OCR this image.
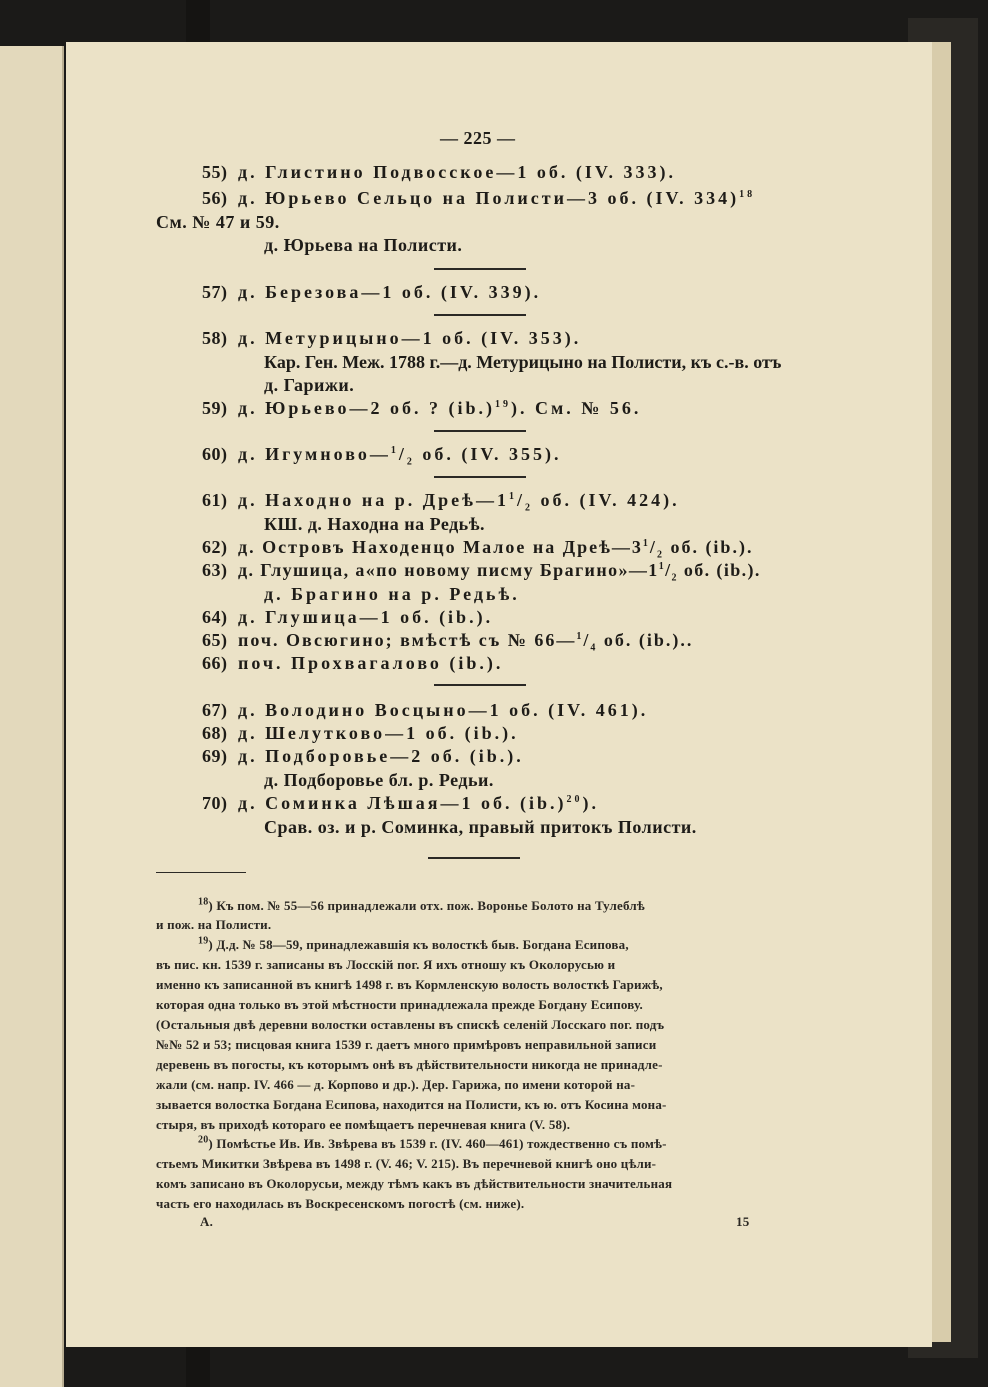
— 225 —
55) д. Глистино Подвосское—1 об. (IV. 333).
56) д. Юрьево Сельцо на Полисти—3 об. (IV. 334)$^{18}$
См. № 47 и 59.
д. Юрьева на Полисти.
57) д. Березова—1 об. (IV. 339).
58) д. Метурицыно—1 об. (IV. 353).
Кар. Ген. Меж. 1788 г.—д. Метурицыно на Полисти, къ с.-в. отъ
д. Гарижи.
59) д. Юрьево—2 об. ? $(ib.)^{19}$). См. № 56.
60) д. $Игумново—^1/_2$ об. (IV. 355).
61) д. Находно на р. $Дреѣ—1^1/_2$ об. (IV. 424).
КШ. д. Находна на Редьѣ.
62) д. Островъ Находенцо Малое на $Дреѣ—3^1/_2$ об. (ib.).
63) д. Глушица, а«по новому писму $Брагино»—1^1/_2$ об. (ib.).
д. Брагино на р. Редьѣ.
64) д. Глушица—1 об. (ib.).
65) поч. Овсюгино; вмѣстѣ съ № $66—^1/_4$ об. (ib.)..
66) поч. Прохвагалово (ib.).
67) д. Володино Восцыно—1 об. (IV. 461).
68) д. Шелутково—1 об. (ib.).
69) д. Подборовье—2 об. (ib.).
д. Подборовье бл. р. Редьи.
70) д. Соминка Лѣшая—1 об. $(ib.)^{20}$).
Срав. оз. и р. Соминка, правый притокъ Полисти.
$^{18}$) Къ пом. № 55—56 принадлежали отх. пож. Воронье Болото на Тулеблѣ
и пож. на Полисти.
$^{19}$) Д.д. № 58—59, принадлежавшія къ волосткѣ быв. Богдана Есипова,
въ пис. кн. 1539 г. записаны въ Лосскій пог. Я ихъ отношу къ Околорусью и
именно къ записанной въ книгѣ 1498 г. въ Кормленскую волость волосткѣ Гарижѣ,
которая одна только въ этой мѣстности принадлежала прежде Богдану Есипову.
(Остальныя двѣ деревни волостки оставлены въ спискѣ селеній Лосскаго пог. подъ
№№ 52 и 53; писцовая книга 1539 г. даетъ много примѣровъ неправильной записи
деревень въ погосты, къ которымъ онѣ въ дѣйствительности никогда не принадле-
жали (см. напр. IV. 466 — д. Корпово и др.). Дер. Гарижа, по имени которой на-
зывается волостка Богдана Есипова, находится на Полисти, къ ю. отъ Косина мона-
стыря, въ приходѣ котораго ее помѣщаетъ перечневая книга (V. 58).
$^{20}$) Помѣстье Ив. Ив. Звѣрева въ 1539 г. (IV. 460—461) тождественно съ помѣ-
стьемъ Микитки Звѣрева въ 1498 г. (V. 46; V. 215). Въ перечневой книгѣ оно цѣли-
комъ записано въ Околорусьи, между тѣмъ какъ въ дѣйствительности значительная
часть его находилась въ Воскресенскомъ погостѣ (см. ниже).
А.	15
